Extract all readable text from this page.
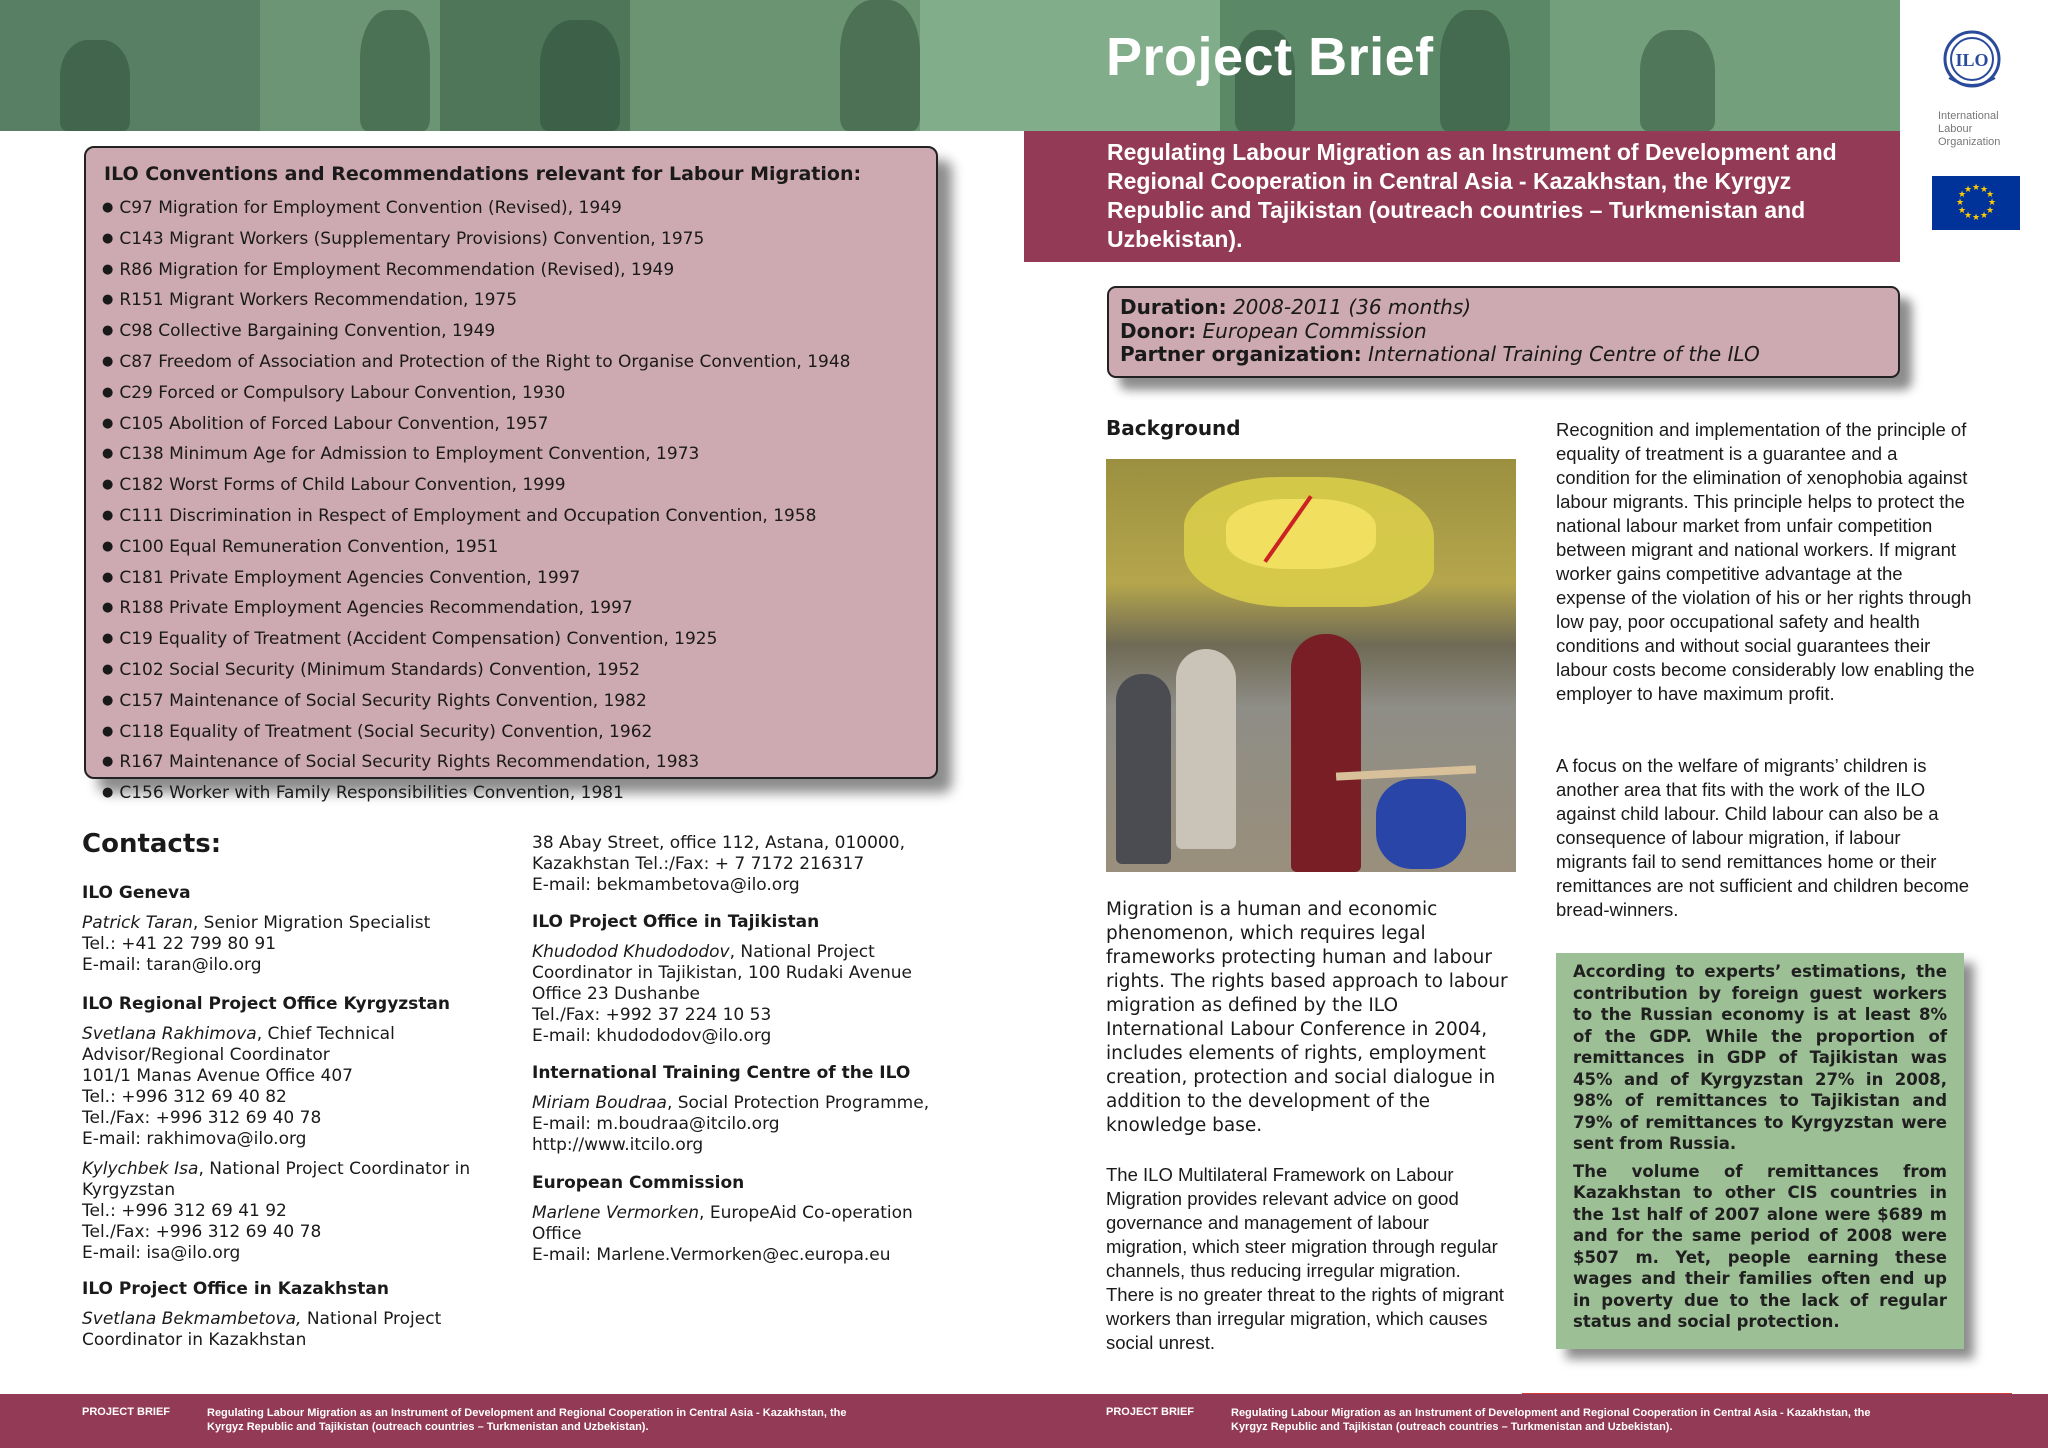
Project Brief	ILO
International Labour Organization
★ ★
★
★
★
★
★
★
★
★
★
★
Regulating Labour Migration as an Instrument of Development and Regional Cooperation in Central Asia - Kazakhstan, the Kyrgyz Republic and Tajikistan (outreach countries – Turkmenistan and Uzbekistan).
ILO Conventions and Recommendations relevant for Labour Migration:
● C97 Migration for Employment Convention (Revised), 1949
● C143 Migrant Workers (Supplementary Provisions) Convention, 1975
● R86 Migration for Employment Recommendation (Revised), 1949
● R151 Migrant Workers Recommendation, 1975
● C98 Collective Bargaining Convention, 1949
● C87 Freedom of Association and Protection of the Right to Organise Convention, 1948
● C29 Forced or Compulsory Labour Convention, 1930
● C105 Abolition of Forced Labour Convention, 1957
● C138 Minimum Age for Admission to Employment Convention, 1973
● C182 Worst Forms of Child Labour Convention, 1999
● C111 Discrimination in Respect of Employment and Occupation Convention, 1958
● C100 Equal Remuneration Convention, 1951
● C181 Private Employment Agencies Convention, 1997
● R188 Private Employment Agencies Recommendation, 1997
● C19 Equality of Treatment (Accident Compensation) Convention, 1925
● C102 Social Security (Minimum Standards) Convention, 1952
● C157 Maintenance of Social Security Rights Convention, 1982
● C118 Equality of Treatment (Social Security) Convention, 1962
● R167 Maintenance of Social Security Rights Recommendation, 1983
● C156 Worker with Family Responsibilities Convention, 1981
Contacts:
ILO Geneva

Patrick Taran, Senior Migration Specialist

Tel.: +41 22 799 80 91

E-mail: taran@ilo.org

ILO Regional Project Office Kyrgyzstan

Svetlana Rakhimova, Chief Technical

Advisor/Regional Coordinator

101/1 Manas Avenue Office 407

Tel.: +996 312 69 40 82

Tel./Fax: +996 312 69 40 78

E-mail: rakhimova@ilo.org

Kylychbek Isa, National Project Coordinator in

Kyrgyzstan

Tel.: +996 312 69 41 92

Tel./Fax: +996 312 69 40 78

E-mail: isa@ilo.org

ILO Project Office in Kazakhstan

Svetlana Bekmambetova, National Project

Coordinator in Kazakhstan

38 Abay Street, office 112, Astana, 010000,

Kazakhstan Tel.:/Fax: + 7 7172 216317

E-mail: bekmambetova@ilo.org

ILO Project Office in Tajikistan

Khudodod Khudododov, National Project

Coordinator in Tajikistan, 100 Rudaki Avenue

Office 23 Dushanbe

Tel./Fax: +992 37 224 10 53

E-mail: khudododov@ilo.org

International Training Centre of the ILO

Miriam Boudraa, Social Protection Programme,

E-mail: m.boudraa@itcilo.org

http://www.itcilo.org

European Commission

Marlene Vermorken, EuropeAid Co-operation

Office

E-mail: Marlene.Vermorken@ec.europa.eu

Duration: 2008-2011 (36 months)
Donor: European Commission
Partner organization: International Training Centre of the ILO
Background
Migration is a human and economic phenomenon, which requires legal frameworks protecting human and labour rights. The rights based approach to labour migration as defined by the ILO International Labour Conference in 2004, includes elements of rights, employment creation, protection and social dialogue in addition to the development of the knowledge base.
The ILO Multilateral Framework on Labour Migration provides relevant advice on good governance and management of labour migration, which steer migration through regular channels, thus reducing irregular migration. There is no greater threat to the rights of migrant workers than irregular migration, which causes social unrest.
Recognition and implementation of the principle of equality of treatment is a guarantee and a condition for the elimination of xenophobia against labour migrants. This principle helps to protect the national labour market from unfair competition between migrant and national workers. If migrant worker gains competitive advantage at the expense of the violation of his or her rights through low pay, poor occupational safety and health conditions and without social guarantees their labour costs become considerably low enabling the employer to have maximum profit.
A focus on the welfare of migrants’ children is another area that fits with the work of the ILO against child labour. Child labour can also be a consequence of labour migration, if labour migrants fail to send remittances home or their remittances are not sufficient and children become bread-winners.

According to experts’ estimations, the contribution by foreign guest workers to the Russian economy is at least 8% of the GDP. While the proportion of remittances in GDP of Tajikistan was 45% and of Kyrgyzstan 27% in 2008, 98% of remittances to Tajikistan and 79% of remittances to Kyrgyzstan were sent from Russia.

The volume of remittances from Kazakhstan to other CIS countries in the 1st half of 2007 alone were $689 m and for the same period of 2008 were $507 m. Yet, people earning these wages and their families often end up in poverty due to the lack of regular status and social protection.

PROJECT BRIEF	Regulating Labour Migration as an Instrument of Development and Regional Cooperation in Central Asia - Kazakhstan, the
Kyrgyz Republic and Tajikistan (outreach countries – Turkmenistan and Uzbekistan).
PROJECT BRIEF	Regulating Labour Migration as an Instrument of Development and Regional Cooperation in Central Asia - Kazakhstan, the
Kyrgyz Republic and Tajikistan (outreach countries – Turkmenistan and Uzbekistan).
